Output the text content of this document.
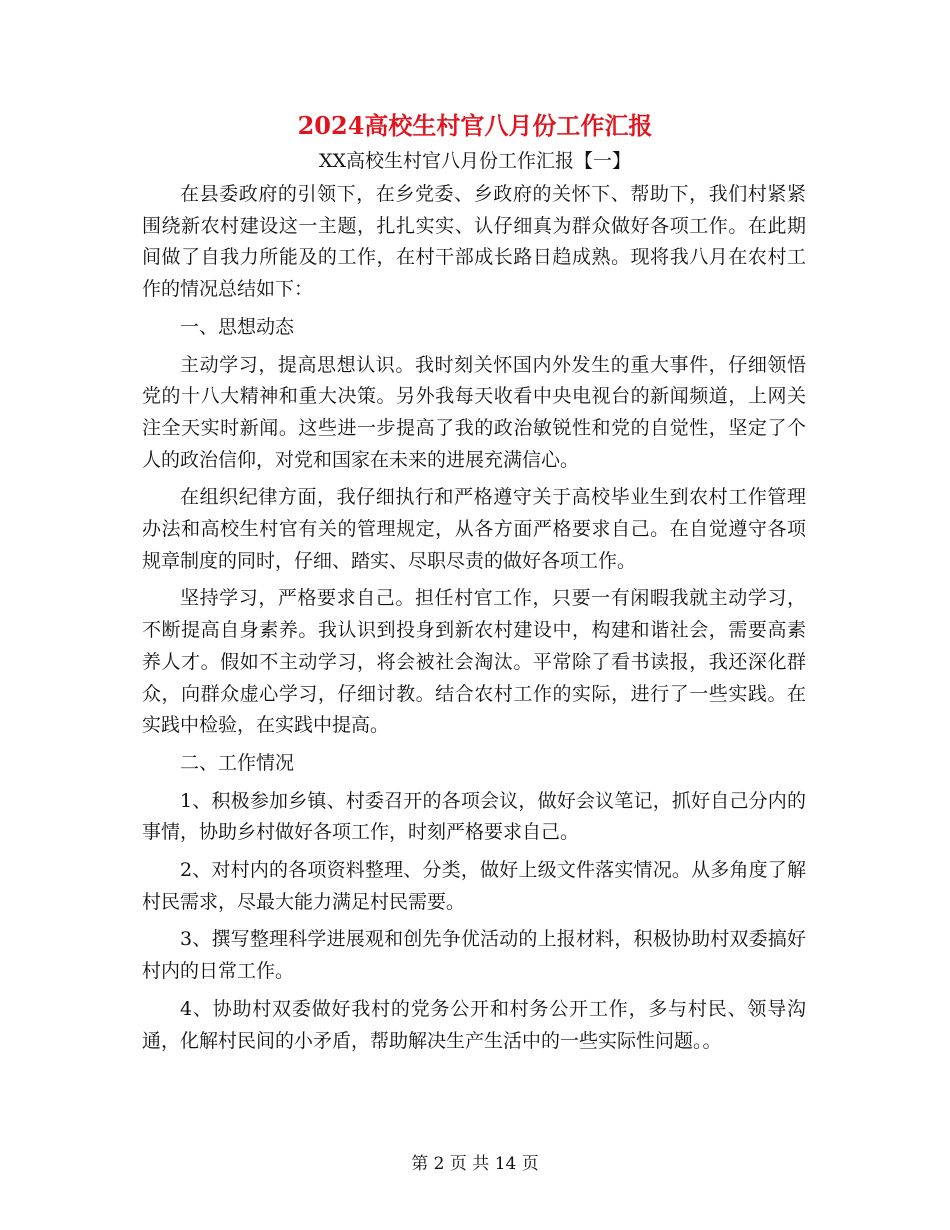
2024高校生村官八月份工作汇报
XX高校生村官八月份工作汇报【一】

在县委政府的引领下，在乡党委、乡政府的关怀下、帮助下，我们村紧紧围绕新农村建设这一主题，扎扎实实、认仔细真为群众做好各项工作。在此期间做了自我力所能及的工作，在村干部成长路日趋成熟。现将我八月在农村工作的情况总结如下：

一、思想动态

主动学习，提高思想认识。我时刻关怀国内外发生的重大事件，仔细领悟党的十八大精神和重大决策。另外我每天收看中央电视台的新闻频道，上网关注全天实时新闻。这些进一步提高了我的政治敏锐性和党的自觉性，坚定了个人的政治信仰，对党和国家在未来的进展充满信心。

在组织纪律方面，我仔细执行和严格遵守关于高校毕业生到农村工作管理办法和高校生村官有关的管理规定，从各方面严格要求自己。在自觉遵守各项规章制度的同时，仔细、踏实、尽职尽责的做好各项工作。

坚持学习，严格要求自己。担任村官工作，只要一有闲暇我就主动学习，不断提高自身素养。我认识到投身到新农村建设中，构建和谐社会，需要高素养人才。假如不主动学习，将会被社会淘汰。平常除了看书读报，我还深化群众，向群众虚心学习，仔细讨教。结合农村工作的实际，进行了一些实践。在实践中检验，在实践中提高。

二、工作情况

1、积极参加乡镇、村委召开的各项会议，做好会议笔记，抓好自己分内的事情，协助乡村做好各项工作，时刻严格要求自己。

2、对村内的各项资料整理、分类，做好上级文件落实情况。从多角度了解村民需求，尽最大能力满足村民需要。

3、撰写整理科学进展观和创先争优活动的上报材料，积极协助村双委搞好村内的日常工作。

4、协助村双委做好我村的党务公开和村务公开工作，多与村民、领导沟通，化解村民间的小矛盾，帮助解决生产生活中的一些实际性问题。。

第 2 页 共 14 页
